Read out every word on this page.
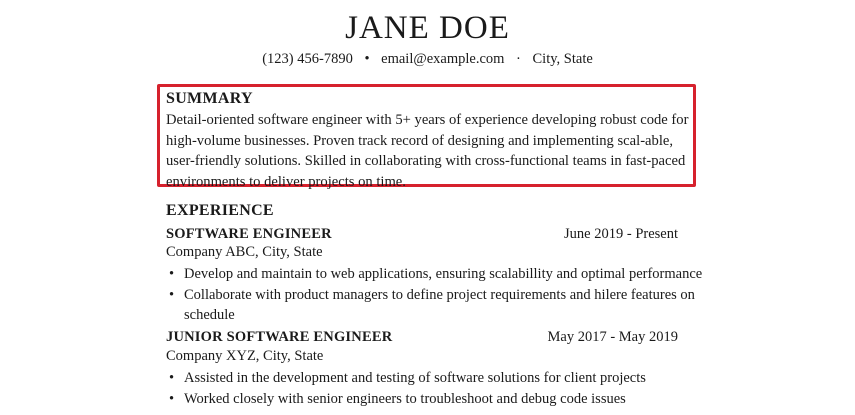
JANE DOE
(123) 456-7890 • email@example.com · City, State
SUMMARY
Detail-oriented software engineer with 5+ years of experience developing robust code for high-volume businesses. Proven track record of designing and implementing scal-able, user-friendly solutions. Skilled in collaborating with cross-functional teams in fast-paced environments to deliver projects on time.
EXPERIENCE
SOFTWARE ENGINEER	June 2019 - Present
Company ABC, City, State
• Develop and maintain to web applications, ensuring scalabillity and optimal performance
• Collaborate with product managers to define project requirements and hilere features on schedule
JUNIOR SOFTWARE ENGINEER	May 2017 - May 2019
Company XYZ, City, State
• Assisted in the development and testing of software solutions for client projects
• Worked closely with senior engineers to troubleshoot and debug code issues
